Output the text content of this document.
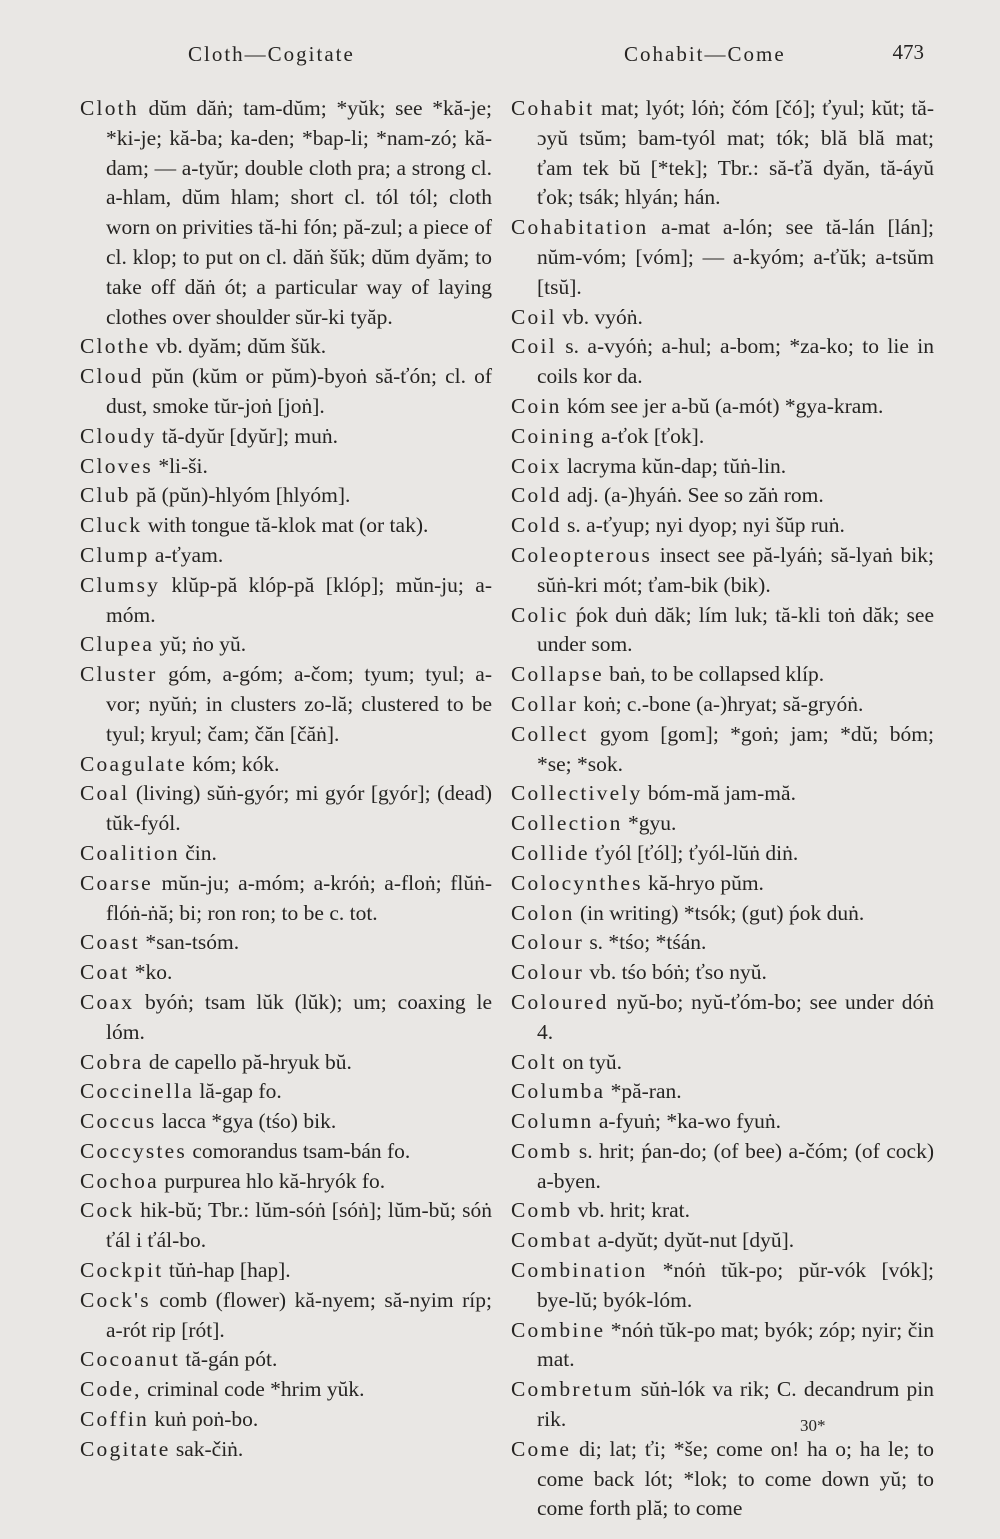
Cloth—Cogitate	Cohabit—Come	473
Cloth dŭm dăṅ; tam-dŭm; *yŭk; see *kă-je; *ki-je; kă-ba; ka-den; *bap-li; *nam-zó; kă-dam; — a-tyŭr; double cloth pra; a strong cl. a-hlam, dŭm hlam; short cl. tól tól; cloth worn on privities tă-hi fón; pă-zul; a piece of cl. klop; to put on cl. dăṅ šŭk; dŭm dyăm; to take off dăṅ ót; a particular way of laying clothes over shoulder sŭr-ki tyăp.
Clothe vb. dyăm; dŭm šŭk.
Cloud pŭn (kŭm or pŭm)-byoṅ să-ťón; cl. of dust, smoke tŭr-joṅ [joṅ].
Cloudy tă-dyŭr [dyŭr]; muṅ.
Cloves *li-ši.
Club pă (pŭn)-hlyóm [hlyóm].
Cluck with tongue tă-klok mat (or tak).
Clump a-ťyam.
Clumsy klŭp-pă klóp-pă [klóp]; mŭn-ju; a-móm.
Clupea yŭ; ṅo yŭ.
Cluster góm, a-góm; a-čom; tyum; tyul; a-vor; nyŭṅ; in clusters zo-lă; clustered to be tyul; kryul; čam; čăn [čăṅ].
Coagulate kóm; kók.
Coal (living) sŭṅ-gyór; mi gyór [gyór]; (dead) tŭk-fyól.
Coalition čin.
Coarse mŭn-ju; a-móm; a-króṅ; a-floṅ; flŭṅ-flóṅ-ṅă; bi; ron ron; to be c. tot.
Coast *san-tsóm.
Coat *ko.
Coax byóṅ; tsam lŭk (lŭk); um; coaxing le lóm.
Cobra de capello pă-hryuk bŭ.
Coccinella lă-gap fo.
Coccus lacca *gya (tśo) bik.
Coccystes comorandus tsam-bán fo.
Cochoa purpurea hlo kă-hryók fo.
Cock hik-bŭ; Tbr.: lŭm-sóṅ [sóṅ]; lŭm-bŭ; sóṅ ťál i ťál-bo.
Cockpit tŭṅ-hap [hap].
Cock's comb (flower) kă-nyem; să-nyim ríp; a-rót rip [rót].
Cocoanut tă-gán pót.
Code, criminal code *hrim yŭk.
Coffin kuṅ poṅ-bo.
Cogitate sak-čiṅ.
Cohabit mat; lyót; lóṅ; čóm [čó]; ťyul; kŭt; tă-ɔyŭ tsŭm; bam-tyól mat; tók; blă blă mat; ťam tek bŭ [*tek]; Tbr.: să-ťă dyăn, tă-áyŭ ťok; tsák; hlyán; hán.
Cohabitation a-mat a-lón; see tă-lán [lán]; nŭm-vóm; [vóm]; — a-kyóm; a-ťŭk; a-tsŭm [tsŭ].
Coil vb. vyóṅ.
Coil s. a-vyóṅ; a-hul; a-bom; *za-ko; to lie in coils kor da.
Coin kóm see jer a-bŭ (a-mót) *gya-kram.
Coining a-ťok [ťok].
Coix lacryma kŭn-dap; tŭṅ-lin.
Cold adj. (a-)hyáṅ. See so zăṅ rom.
Cold s. a-ťyup; nyi dyop; nyi šŭp ruṅ.
Coleopterous insect see pă-lyáṅ; să-lyaṅ bik; sŭṅ-kri mót; ťam-bik (bik).
Colic ṕok duṅ dăk; lím luk; tă-kli toṅ dăk; see under som.
Collapse baṅ, to be collapsed klíp.
Collar koṅ; c.-bone (a-)hryat; să-gryóṅ.
Collect gyom [gom]; *goṅ; jam; *dŭ; bóm; *se; *sok.
Collectively bóm-mă jam-mă.
Collection *gyu.
Collide ťyól [ťól]; ťyól-lŭṅ diṅ.
Colocynthes kă-hryo pŭm.
Colon (in writing) *tsók; (gut) ṕok duṅ.
Colour s. *tśo; *tśán.
Colour vb. tśo bóṅ; ťso nyŭ.
Coloured nyŭ-bo; nyŭ-ťóm-bo; see under dóṅ 4.
Colt on tyŭ.
Columba *pă-ran.
Column a-fyuṅ; *ka-wo fyuṅ.
Comb s. hrit; ṕan-do; (of bee) a-čóm; (of cock) a-byen.
Comb vb. hrit; krat.
Combat a-dyŭt; dyŭt-nut [dyŭ].
Combination *nóṅ tŭk-po; pŭr-vók [vók]; bye-lŭ; byók-lóm.
Combine *nóṅ tŭk-po mat; byók; zóp; nyir; čin mat.
Combretum sŭṅ-lók va rik; C. decandrum pin rik.
Come di; lat; ťi; *še; come on! ha o; ha le; to come back lót; *lok; to come down yŭ; to come forth plă; to come
30*
